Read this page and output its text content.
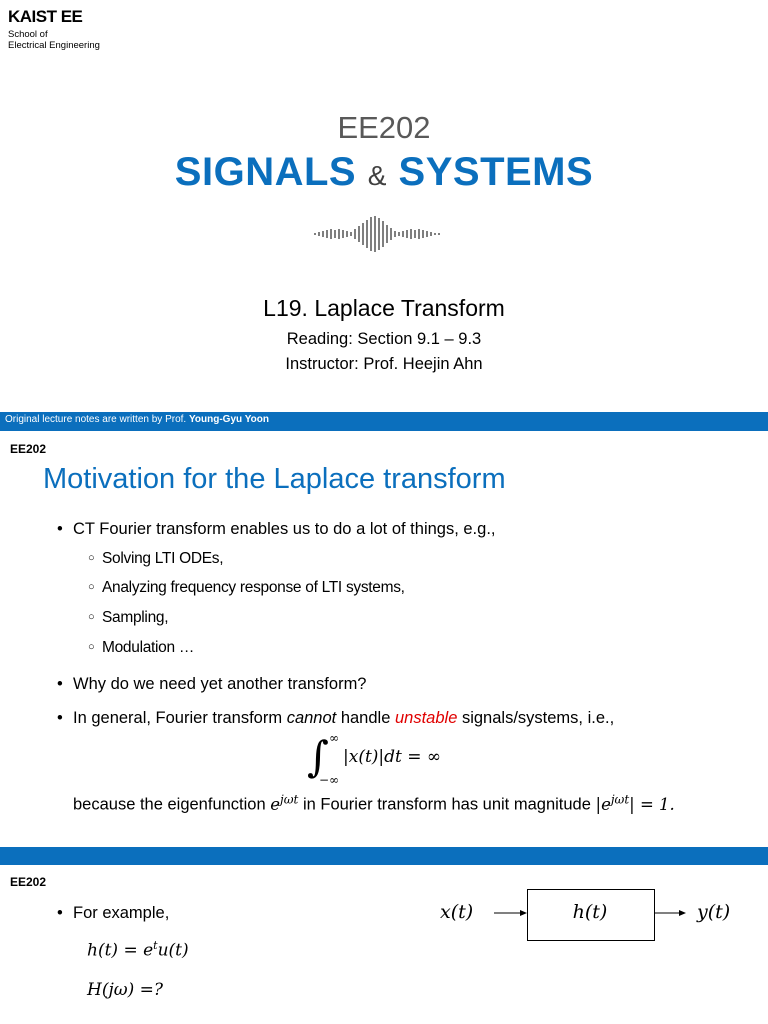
KAIST EE
School of
Electrical Engineering
EE202
SIGNALS & SYSTEMS
L19. Laplace Transform
Reading: Section 9.1 – 9.3
Instructor: Prof. Heejin Ahn
Original lecture notes are written by Prof. Young-Gyu Yoon
EE202
Motivation for the Laplace transform
• CT Fourier transform enables us to do a lot of things, e.g.,
○ Solving LTI ODEs,
○ Analyzing frequency response of LTI systems,
○ Sampling,
○ Modulation …
• Why do we need yet another transform?
• In general, Fourier transform cannot handle unstable signals/systems, i.e.,
∫ ∞
−∞
|x(t)|dt = ∞
because the eigenfunction $e^{j\omega t}$ in Fourier transform has unit magnitude $|e^{j\omega t}| = 1$.
EE202
• For example,
$h(t) = e^tu(t)$
H(jω) =?
x(t)	h(t)	y(t)
